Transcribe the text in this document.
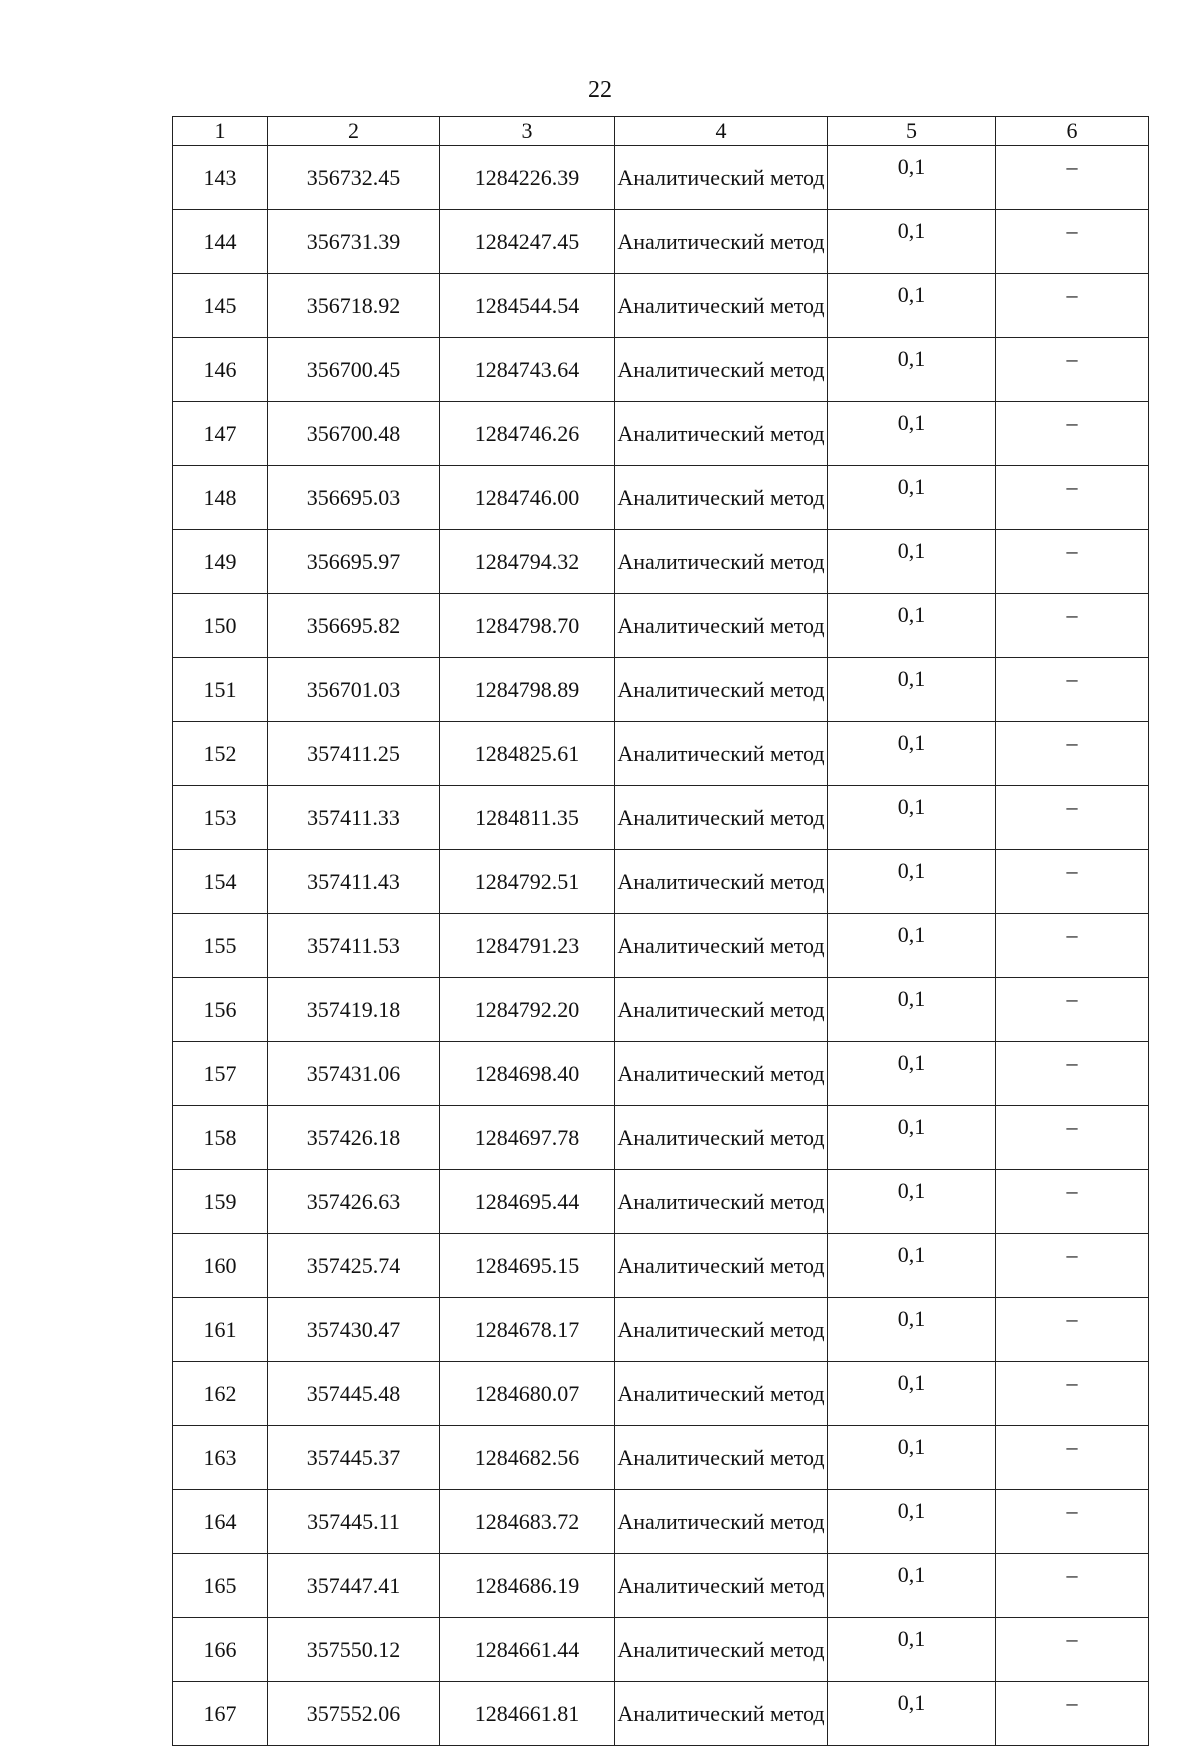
22
1	2	3	4	5	6
143	356732.45	1284226.39	Аналитический метод	0,1	–
144	356731.39	1284247.45	Аналитический метод	0,1	–
145	356718.92	1284544.54	Аналитический метод	0,1	–
146	356700.45	1284743.64	Аналитический метод	0,1	–
147	356700.48	1284746.26	Аналитический метод	0,1	–
148	356695.03	1284746.00	Аналитический метод	0,1	–
149	356695.97	1284794.32	Аналитический метод	0,1	–
150	356695.82	1284798.70	Аналитический метод	0,1	–
151	356701.03	1284798.89	Аналитический метод	0,1	–
152	357411.25	1284825.61	Аналитический метод	0,1	–
153	357411.33	1284811.35	Аналитический метод	0,1	–
154	357411.43	1284792.51	Аналитический метод	0,1	–
155	357411.53	1284791.23	Аналитический метод	0,1	–
156	357419.18	1284792.20	Аналитический метод	0,1	–
157	357431.06	1284698.40	Аналитический метод	0,1	–
158	357426.18	1284697.78	Аналитический метод	0,1	–
159	357426.63	1284695.44	Аналитический метод	0,1	–
160	357425.74	1284695.15	Аналитический метод	0,1	–
161	357430.47	1284678.17	Аналитический метод	0,1	–
162	357445.48	1284680.07	Аналитический метод	0,1	–
163	357445.37	1284682.56	Аналитический метод	0,1	–
164	357445.11	1284683.72	Аналитический метод	0,1	–
165	357447.41	1284686.19	Аналитический метод	0,1	–
166	357550.12	1284661.44	Аналитический метод	0,1	–
167	357552.06	1284661.81	Аналитический метод	0,1	–
